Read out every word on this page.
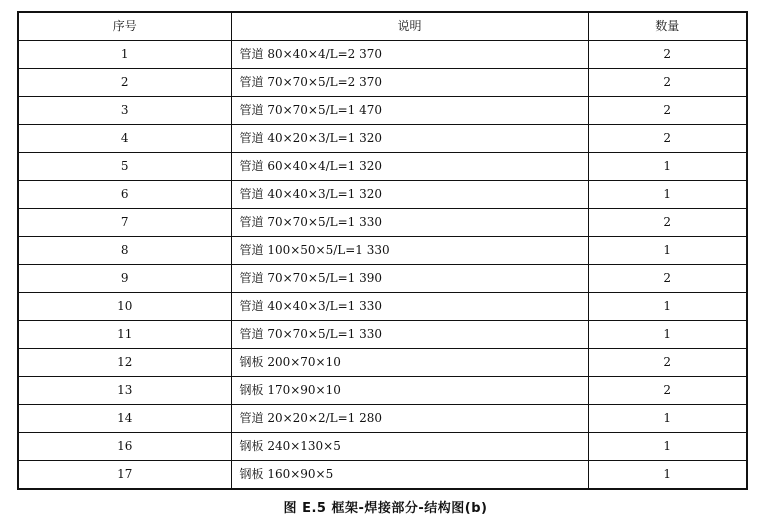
序号	说明	数量
1	管道 80×40×4/L=2 370	2
2	管道 70×70×5/L=2 370	2
3	管道 70×70×5/L=1 470	2
4	管道 40×20×3/L=1 320	2
5	管道 60×40×4/L=1 320	1
6	管道 40×40×3/L=1 320	1
7	管道 70×70×5/L=1 330	2
8	管道 100×50×5/L=1 330	1
9	管道 70×70×5/L=1 390	2
10	管道 40×40×3/L=1 330	1
11	管道 70×70×5/L=1 330	1
12	钢板 200×70×10	2
13	钢板 170×90×10	2
14	管道 20×20×2/L=1 280	1
16	钢板 240×130×5	1
17	钢板 160×90×5	1
图 E.5 框架-焊接部分-结构图(b)
